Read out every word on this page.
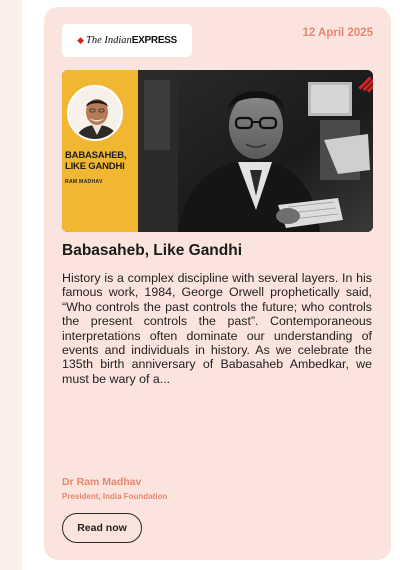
◆ The Indian EXPRESS
12 April 2025
BABASAHEB, LIKE GANDHI
RAM MADHAV
Babasaheb, Like Gandhi

History is a complex discipline with several layers. In his famous work, 1984, George Orwell prophetically said, “Who controls the past controls the future; who controls the present controls the past”. Contemporaneous interpretations often dominate our understanding of events and individuals in history. As we celebrate the 135th birth anniversary of Babasaheb Ambedkar, we must be wary of a...

Dr Ram Madhav
President, India Foundation
Read now
